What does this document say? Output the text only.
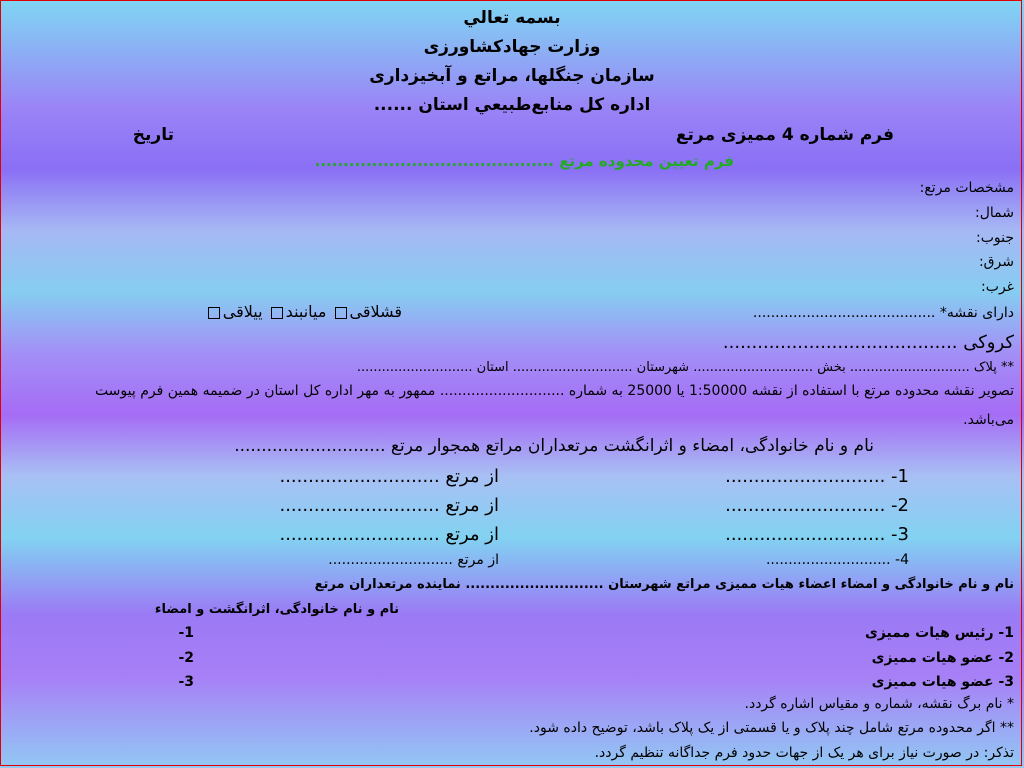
بسمه تعالي
وزارت جهادکشاورزی
سازمان جنگلها، مراتع و آبخیزداری
اداره کل منابع‌طبیعي استان ......
فرم شماره 4 ممیزی مرتع
تاریخ
فرم تعیین محدوده مرتع ..........................................
مشخصات مرتع:
شمال:
جنوب:
شرق:
غرب:
دارای نقشه* .........................................
قشلاقی میانبند ییلاقی
کروکی .........................................
** پلاک ............................. بخش ............................. شهرستان ............................. استان ............................
تصویر نقشه محدوده مرتع با استفاده از نقشه 1:50000 یا 25000 به شماره ............................ ممهور به مهر اداره کل استان در ضمیمه همین فرم پیوست
می‌باشد.
نام و نام خانوادگی، امضاء و اثرانگشت مرتعداران مراتع همجوار مرتع ............................
1- ............................
از مرتع ............................
2- ............................
از مرتع ............................
3- ............................
از مرتع ............................
4- ............................
از مرتع ............................
نام و نام خانوادگی و امضاء اعضاء هیات ممیزی مراتع شهرستان ............................ نماینده مرتعداران مرتع
نام و نام خانوادگی، اثرانگشت و امضاء
1- رئیس هیات ممیزی
1-
2- عضو هیات ممیزی
2-
3- عضو هیات ممیزی
3-
* نام برگ نقشه، شماره و مقیاس اشاره گردد.
** اگر محدوده مرتع شامل چند پلاک و یا قسمتی از یک پلاک باشد، توضیح داده شود.
تذکر: در صورت نیاز برای هر یک از جهات حدود فرم جداگانه تنظیم گردد.
